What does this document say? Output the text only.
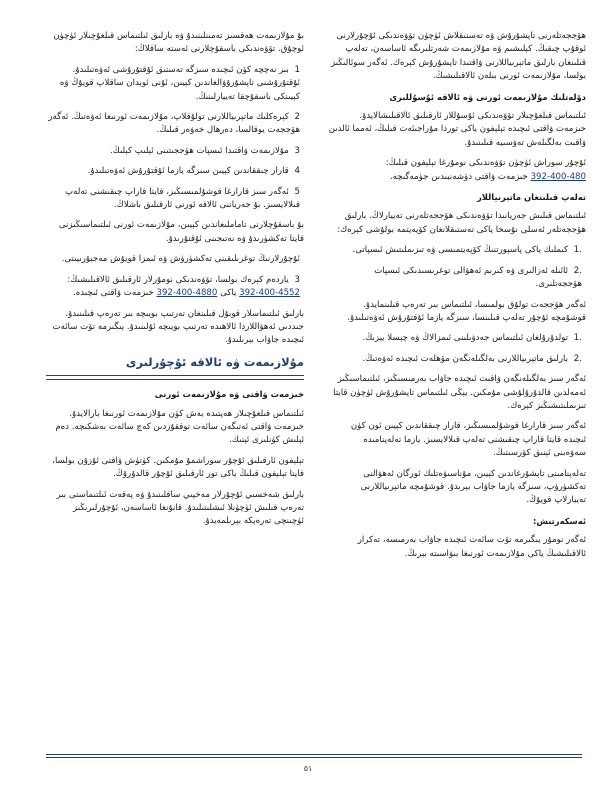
ھۆججەتلەرنى تاپشۇرۇش ۋە تەستىقلاش ئۈچۈن تۆۋەندىكى ئۇچۇرلارنى ئوقۇپ چىقىڭ. كېلىشىم ۋە مۇلازىمەت شەرتلىرىگە ئاساسەن، تەلەپ قىلىنغان بارلىق ماتېرىياللارنى ۋاقتىدا تاپشۇرۇش كېرەك. ئەگەر سوئالىڭىز بولسا، مۇلازىمەت ئورنى بىلەن ئالاقىلىشىڭ.

دۆلەتلىك مۇلازىمەت ئورنى ۋە ئالاقە ئۇسۇللىرى

ئىلتىماس قىلغۇچىلار تۆۋەندىكى ئۇسۇللار ئارقىلىق ئالاقىلىشالايدۇ. خىزمەت ۋاقتى ئىچىدە تېلېفون ياكى توردا مۇراجىئەت قىلىڭ، ئەمما ئالدىن ۋاقىت بەلگىلەش تەۋسىيە قىلىنىدۇ.

ئۇچۇر سوراش ئۈچۈن تۆۋەندىكى نومۇرغا تېلېفون قىلىڭ: 392-400-480 خىزمەت ۋاقتى دۈشەنبىدىن جۈمەگىچە.

تەلەپ قىلىنغان ماتېرىياللار

ئىلتىماس قىلىش جەريانىدا تۆۋەندىكى ھۆججەتلەرنى تەييارلاڭ. بارلىق ھۆججەتلەر ئەسلى نۇسخا ياكى تەستىقلانغان كۆپەيتمە بولۇشى كېرەك:

1. كىملىك ياكى پاسپورتنىڭ كۆپەيتمىسى ۋە تىزىملىتىش ئىسپاتى.
2. ئائىلە ئەزالىرى ۋە كىرىم ئەھۋالى توغرىسىدىكى ئىسپات ھۆججەتلىرى.

ئەگەر ھۆججەت تولۇق بولمىسا، ئىلتىماس بىر تەرەپ قىلىنمايدۇ. قوشۇمچە ئۇچۇر تەلەپ قىلىنسا، سىزگە يازما ئۇقتۇرۇش ئەۋەتىلىدۇ.

1. تولدۇرۇلغان ئىلتىماس جەدۋىلىنى ئىمزالاڭ ۋە چېسلا يېزىڭ.
2. بارلىق ماتېرىياللارنى بەلگىلەنگەن مۆھلەت ئىچىدە ئەۋەتىڭ.

ئەگەر سىز بەلگىلەنگەن ۋاقىت ئىچىدە جاۋاب بەرمىسىڭىز، ئىلتىماسىڭىز ئەمەلدىن قالدۇرۇلۇشى مۇمكىن. يېڭى ئىلتىماس تاپشۇرۇش ئۈچۈن قايتا تىزىملىتىشىڭىز كېرەك.

ئەگەر سىز قارارغا قوشۇلمىسىڭىز، قارار چىققاندىن كېيىن ئون كۈن ئىچىدە قايتا قاراپ چىقىشنى تەلەپ قىلالايسىز. يازما تەلەپنامىدە سەۋەبنى ئېنىق كۆرسىتىڭ.

تەلەپنامىنى تاپشۇرغاندىن كېيىن، مۇناسىۋەتلىك ئورگان ئەھۋالنى تەكشۈرۈپ، سىزگە يازما جاۋاب بېرىدۇ. قوشۇمچە ماتېرىياللارنى تەييارلاپ قويۇڭ.

ئەسكەرتىش:

ئەگەر نومۇر يىگىرمە تۆت سائەت ئىچىدە جاۋاب بەرمىسە، تەكرار ئالاقىلىشىڭ ياكى مۇلازىمەت ئورنىغا بىۋاسىتە بېرىڭ.

بۇ مۇلازىمەت ھەقسىز تەمىنلىنىدۇ ۋە بارلىق ئىلتىماس قىلغۇچىلار ئۈچۈن ئوچۇق. تۆۋەندىكى باسقۇچلارنى ئەستە ساقلاڭ:

1 بىر نەچچە كۈن ئىچىدە سىزگە تەستىق ئۇقتۇرۇشى ئەۋەتىلىدۇ. ئۇقتۇرۇشنى تاپشۇرۇۋالغاندىن كېيىن، ئۇنى ئوبدان ساقلاپ قويۇڭ ۋە كېيىنكى باسقۇچقا تەييارلىنىڭ.
2 كېرەكلىك ماتېرىياللارنى تولۇقلاپ، مۇلازىمەت ئورنىغا ئەۋەتىڭ. ئەگەر ھۆججەت يوقالسا، دەرھال خەۋەر قىلىڭ.
3 مۇلازىمەت ۋاقتىدا ئىسپات ھۆججىتىنى ئېلىپ كېلىڭ.
4 قارار چىققاندىن كېيىن سىزگە يازما ئۇقتۇرۇش ئەۋەتىلىدۇ.
5 ئەگەر سىز قارارغا قوشۇلمىسىڭىز، قايتا قاراپ چىقىشنى تەلەپ قىلالايسىز. بۇ جەرياننى ئالاقە ئورنى ئارقىلىق باشلاڭ.

بۇ باسقۇچلارنى تاماملىغاندىن كېيىن، مۇلازىمەت ئورنى ئىلتىماسىڭىزنى قايتا تەكشۈرىدۇ ۋە نەتىجىنى ئۇقتۇرىدۇ.

ئۇچۇرلارنىڭ توغرىلىقىنى تەكشۈرۈش ۋە ئىمزا قويۇش مەجبۇرىيىتى.
3 ياردەم كېرەك بولسا، تۆۋەندىكى نومۇرلار ئارقىلىق ئالاقىلىشىڭ: 392-400-4552 ياكى 392-400-4880 خىزمەت ۋاقتى ئىچىدە.

بارلىق ئىلتىماسلار قوبۇل قىلىنغان تەرتىپ بويىچە بىر تەرەپ قىلىنىدۇ. جىددىي ئەھۋاللاردا ئالاھىدە تەرتىپ بويىچە ئۇلىنىدۇ. يىگىرمە تۆت سائەت ئىچىدە جاۋاب بېرىلىدۇ.

مۇلازىمەت ۋە ئالاقە ئۇچۇرلىرى
خىزمەت ۋاقتى ۋە مۇلازىمەت ئورنى

ئىلتىماس قىلغۇچىلار ھەپتىدە بەش كۈن مۇلازىمەت ئورنىغا بارالايدۇ. خىزمەت ۋاقتى ئەتىگەن سائەت توققۇزدىن كەچ سائەت بەشكىچە. دەم ئېلىش كۈنلىرى ئېتىك.

تېلېفون ئارقىلىق ئۇچۇر سوراشمۇ مۇمكىن. كۈتۈش ۋاقتى ئۇزۇن بولسا، قايتا تېلېفون قىلىڭ ياكى تور ئارقىلىق ئۇچۇر قالدۇرۇڭ.

بارلىق شەخسىي ئۇچۇرلار مەخپىي ساقلىنىدۇ ۋە پەقەت ئىلتىماسنى بىر تەرەپ قىلىش ئۈچۈنلا ئىشلىتىلىدۇ. قانۇنغا ئاساسەن، ئۇچۇرلىرىڭىز ئۈچىنچى تەرەپكە بېرىلمەيدۇ.

٥١
